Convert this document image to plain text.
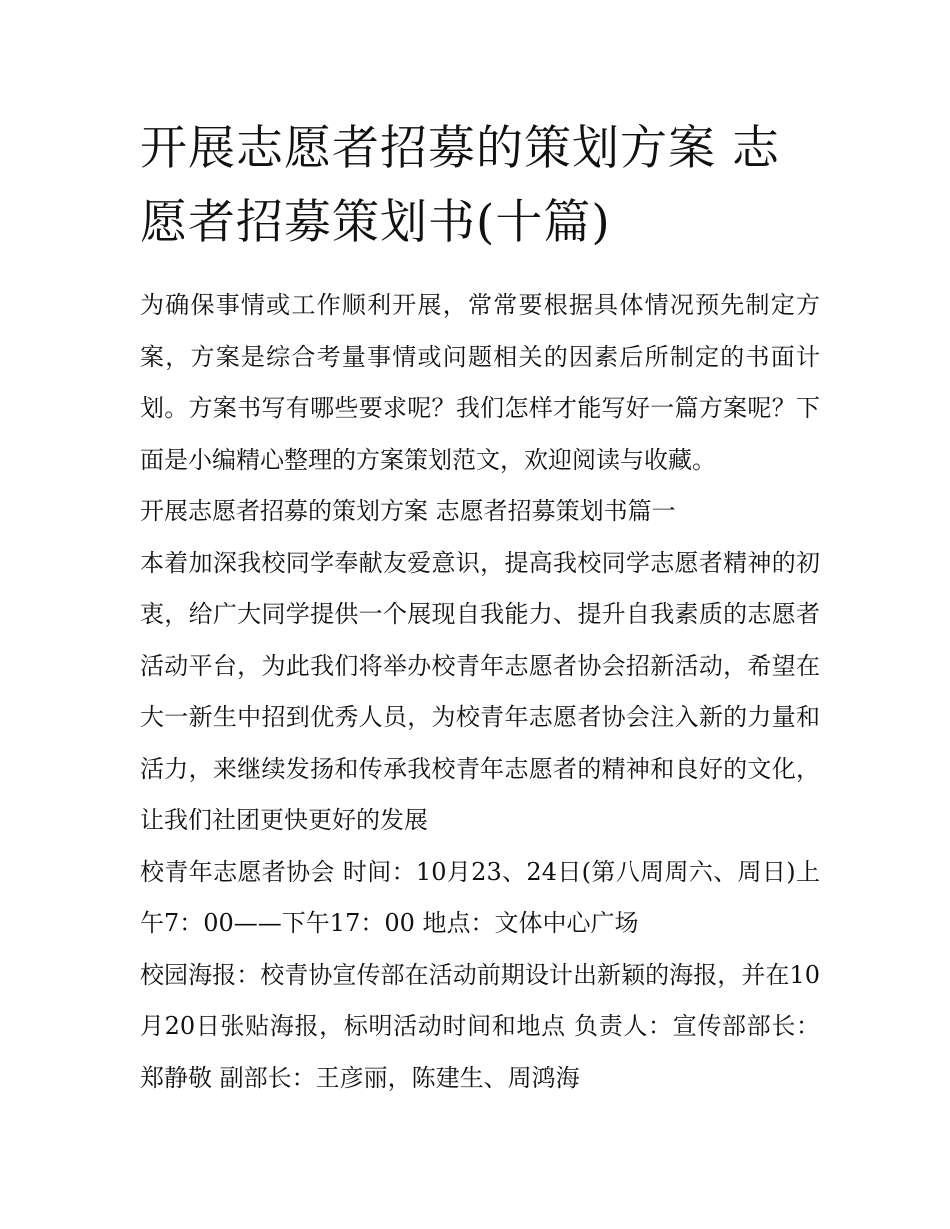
开展志愿者招募的策划方案 志愿者招募策划书(十篇)

为确保事情或工作顺利开展，常常要根据具体情况预先制定方案，方案是综合考量事情或问题相关的因素后所制定的书面计划。方案书写有哪些要求呢？我们怎样才能写好一篇方案呢？下面是小编精心整理的方案策划范文，欢迎阅读与收藏。

开展志愿者招募的策划方案 志愿者招募策划书篇一

本着加深我校同学奉献友爱意识，提高我校同学志愿者精神的初衷，给广大同学提供一个展现自我能力、提升自我素质的志愿者活动平台，为此我们将举办校青年志愿者协会招新活动，希望在大一新生中招到优秀人员，为校青年志愿者协会注入新的力量和活力，来继续发扬和传承我校青年志愿者的精神和良好的文化，让我们社团更快更好的发展

校青年志愿者协会 时间：10月23、24日(第八周周六、周日)上午7：00——下午17：00 地点：文体中心广场

校园海报：校青协宣传部在活动前期设计出新颖的海报，并在10月20日张贴海报，标明活动时间和地点 负责人：宣传部部长：郑静敬 副部长：王彦丽，陈建生、周鸿海
